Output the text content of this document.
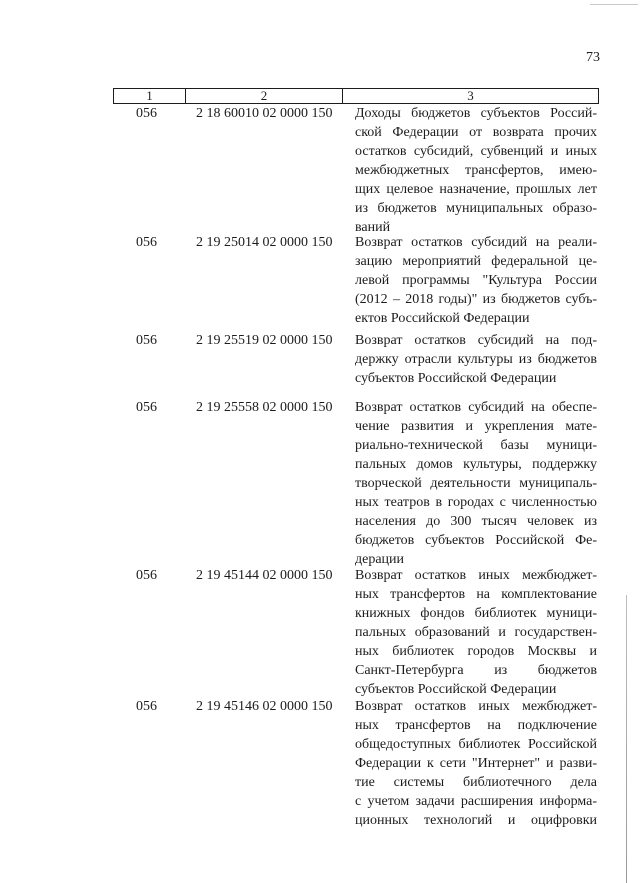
73
1	2	3
056	2 18 60010 02 0000 150	Доходы бюджетов субъектов Россий-
ской Федерации от возврата прочих
остатков субсидий, субвенций и иных
межбюджетных трансфертов, имею-
щих целевое назначение, прошлых лет
из бюджетов муниципальных образо-
ваний
056	2 19 25014 02 0000 150	Возврат остатков субсидий на реали-
зацию мероприятий федеральной це-
левой программы "Культура России
(2012 – 2018 годы)" из бюджетов субъ-
ектов Российской Федерации
056	2 19 25519 02 0000 150	Возврат остатков субсидий на под-
держку отрасли культуры из бюджетов
субъектов Российской Федерации
056	2 19 25558 02 0000 150	Возврат остатков субсидий на обеспе-
чение развития и укрепления мате-
риально-технической базы муници-
пальных домов культуры, поддержку
творческой деятельности муниципаль-
ных театров в городах с численностью
населения до 300 тысяч человек из
бюджетов субъектов Российской Фе-
дерации
056	2 19 45144 02 0000 150	Возврат остатков иных межбюджет-
ных трансфертов на комплектование
книжных фондов библиотек муници-
пальных образований и государствен-
ных библиотек городов Москвы и
Санкт-Петербурга из бюджетов
субъектов Российской Федерации
056	2 19 45146 02 0000 150	Возврат остатков иных межбюджет-
ных трансфертов на подключение
общедоступных библиотек Российской
Федерации к сети "Интернет" и разви-
тие системы библиотечного дела
с учетом задачи расширения информа-
ционных технологий и оцифровки
